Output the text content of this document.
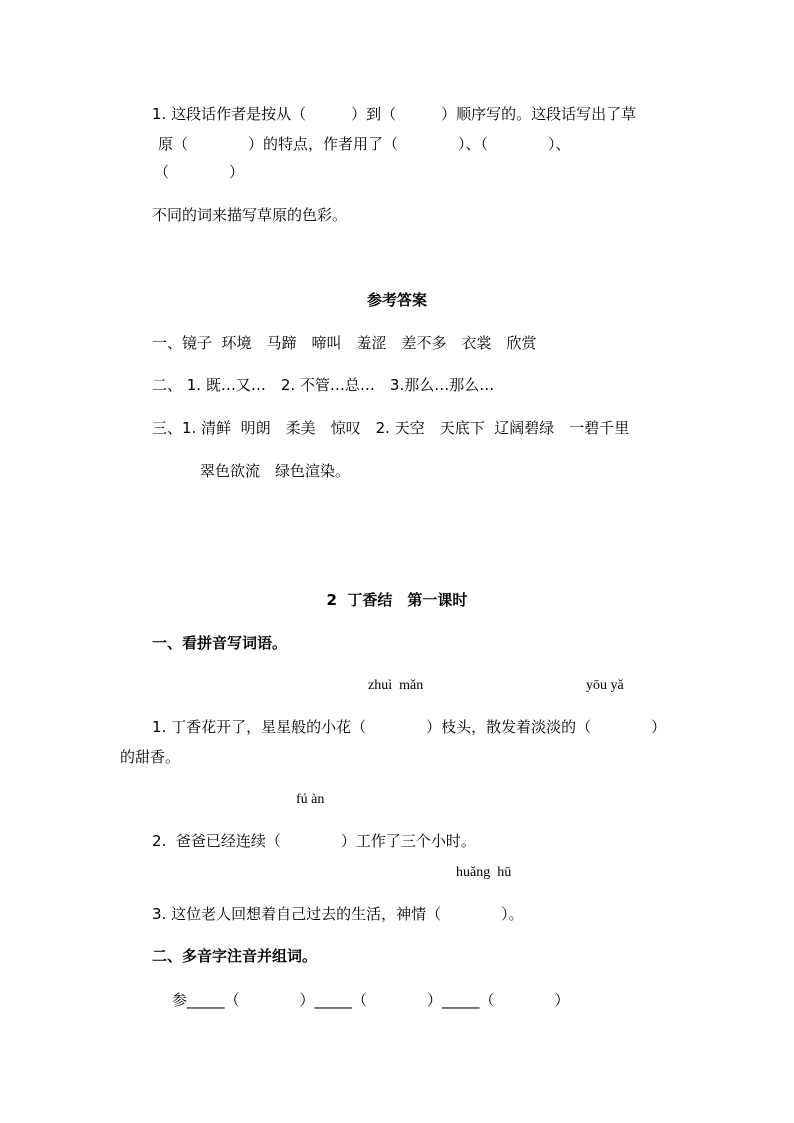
1. 这段话作者是按从（　　　）到（　　　）顺序写的。这段话写出了草
原（　　　　）的特点，作者用了（　　　　）、（　　　　）、
（　　　　）
不同的词来描写草原的色彩。
参考答案
一、镜子  环境　马蹄　啼叫　羞涩　差不多　衣裳　欣赏
二、 1. 既…又…　2. 不管…总…　3.那么…那么…
三、1. 清鲜  明朗　柔美　惊叹　2. 天空　天底下  辽阔碧绿　一碧千里
翠色欲流　绿色渲染。
2  丁香结　第一课时
一、看拼音写词语。
zhuì  mǎn	yōu yǎ
1. 丁香花开了，星星般的小花（　　　　）枝头，散发着淡淡的（　　　　）
的甜香。
fú àn
2.  爸爸已经连续（　　　　）工作了三个小时。
huǎng  hū
3. 这位老人回想着自己过去的生活，神情（　　　　）。
二、多音字注音并组词。
参_____（　　　　）_____（　　　　）_____（　　　　）
